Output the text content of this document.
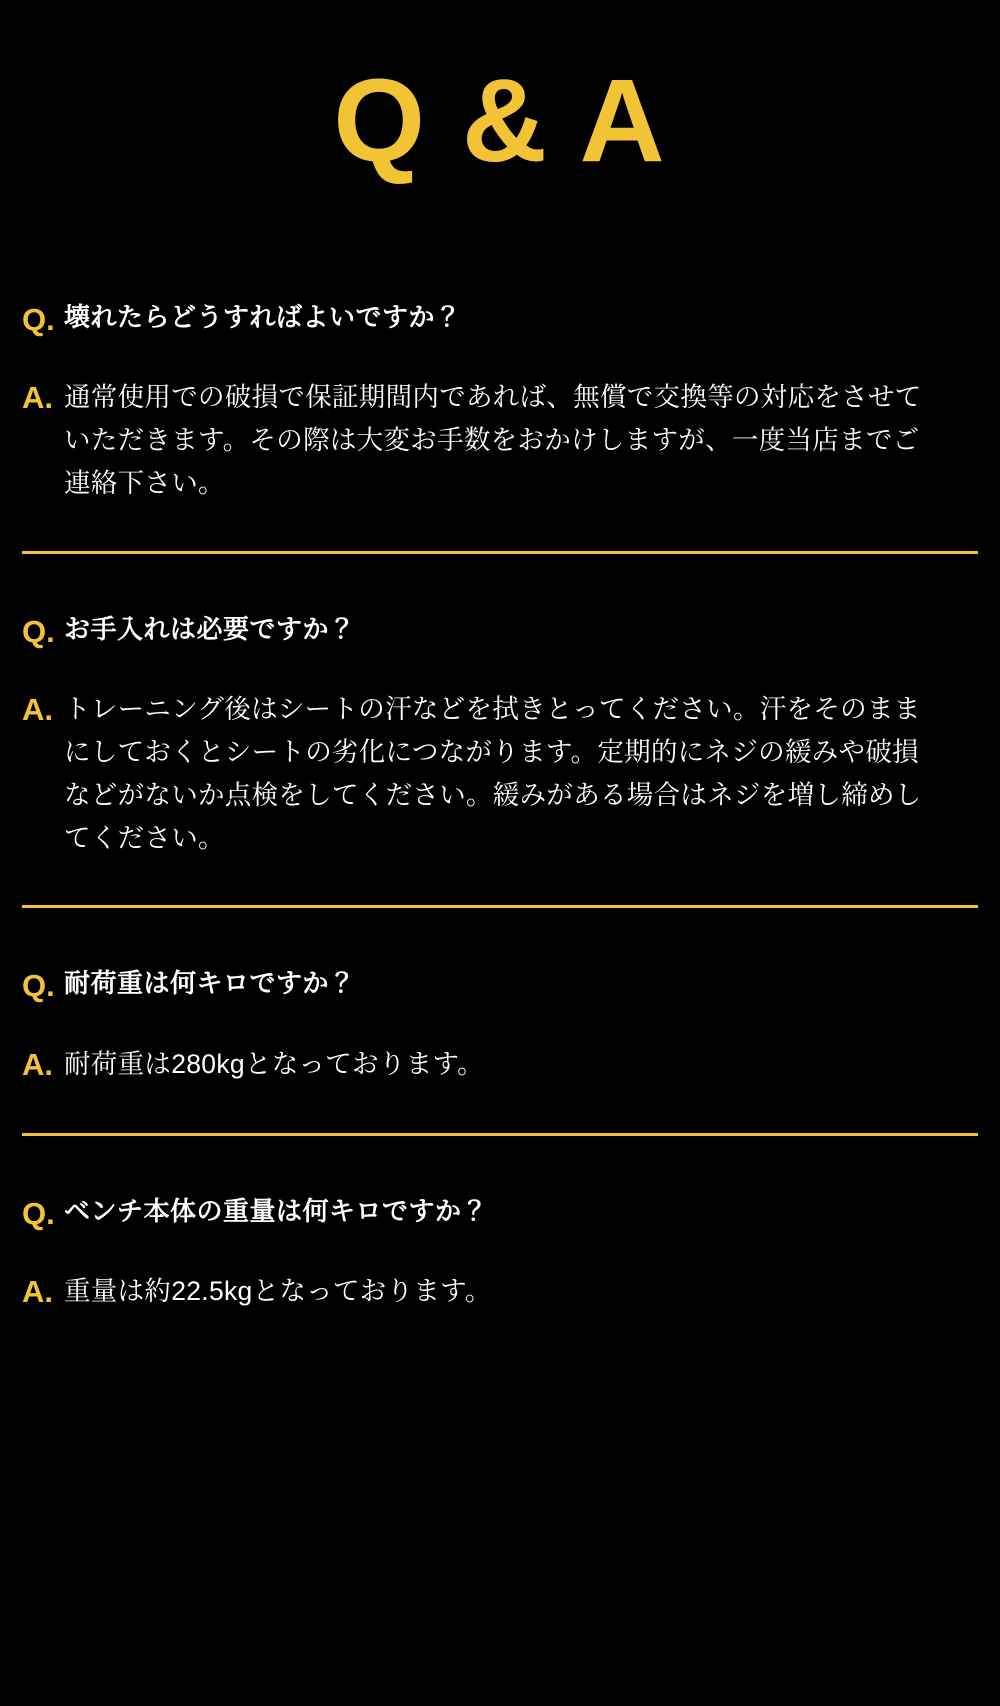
Q & A
Q. 壊れたらどうすればよいですか？
A. 通常使用での破損で保証期間内であれば、無償で交換等の対応をさせていただきます。その際は大変お手数をおかけしますが、一度当店までご連絡下さい。
Q. お手入れは必要ですか？
A. トレーニング後はシートの汗などを拭きとってください。汗をそのままにしておくとシートの劣化につながります。定期的にネジの緩みや破損などがないか点検をしてください。緩みがある場合はネジを増し締めしてください。
Q. 耐荷重は何キロですか？
A. 耐荷重は280kgとなっております。
Q. ベンチ本体の重量は何キロですか？
A. 重量は約22.5kgとなっております。
